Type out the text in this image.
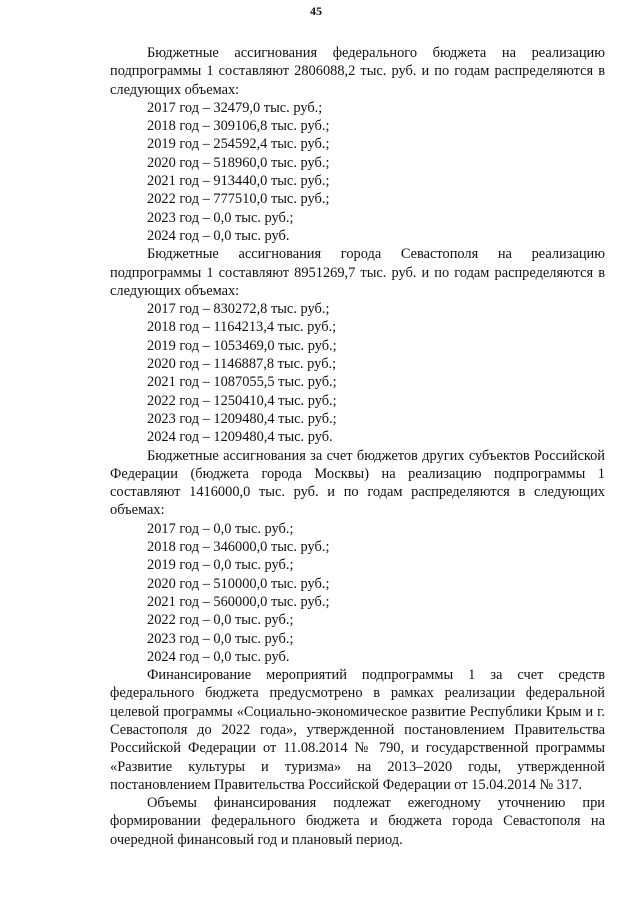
45

Бюджетные ассигнования федерального бюджета на реализацию подпрограммы 1 составляют 2806088,2 тыс. руб. и по годам распределяются в следующих объемах:

2017 год – 32479,0 тыс. руб.;
2018 год – 309106,8 тыс. руб.;
2019 год – 254592,4 тыс. руб.;
2020 год – 518960,0 тыс. руб.;
2021 год – 913440,0 тыс. руб.;
2022 год – 777510,0 тыс. руб.;
2023 год – 0,0 тыс. руб.;
2024 год – 0,0 тыс. руб.

Бюджетные ассигнования города Севастополя на реализацию подпрограммы 1 составляют 8951269,7 тыс. руб. и по годам распределяются в следующих объемах:

2017 год – 830272,8 тыс. руб.;
2018 год – 1164213,4 тыс. руб.;
2019 год – 1053469,0 тыс. руб.;
2020 год – 1146887,8 тыс. руб.;
2021 год – 1087055,5 тыс. руб.;
2022 год – 1250410,4 тыс. руб.;
2023 год – 1209480,4 тыс. руб.;
2024 год – 1209480,4 тыс. руб.

Бюджетные ассигнования за счет бюджетов других субъектов Российской Федерации (бюджета города Москвы) на реализацию подпрограммы 1 составляют 1416000,0 тыс. руб. и по годам распределяются в следующих объемах:

2017 год – 0,0 тыс. руб.;
2018 год – 346000,0 тыс. руб.;
2019 год – 0,0 тыс. руб.;
2020 год – 510000,0 тыс. руб.;
2021 год – 560000,0 тыс. руб.;
2022 год – 0,0 тыс. руб.;
2023 год – 0,0 тыс. руб.;
2024 год – 0,0 тыс. руб.

Финансирование мероприятий подпрограммы 1 за счет средств федерального бюджета предусмотрено в рамках реализации федеральной целевой программы «Социально-экономическое развитие Республики Крым и г. Севастополя до 2022 года», утвержденной постановлением Правительства Российской Федерации от 11.08.2014 № 790, и государственной программы «Развитие культуры и туризма» на 2013–2020 годы, утвержденной постановлением Правительства Российской Федерации от 15.04.2014 № 317.

Объемы финансирования подлежат ежегодному уточнению при формировании федерального бюджета и бюджета города Севастополя на очередной финансовый год и плановый период.
